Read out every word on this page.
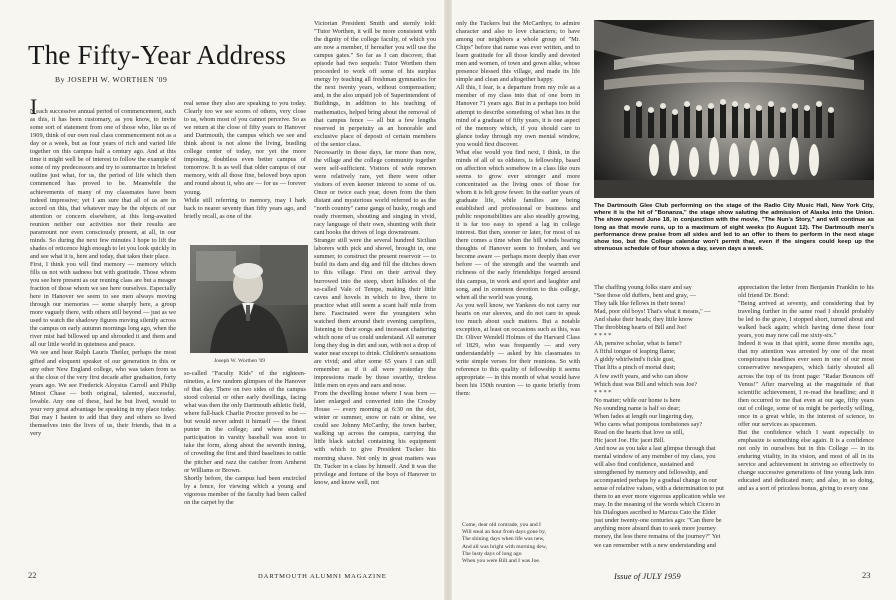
The Fifty-Year Address
By JOSEPH W. WORTHEN '09
I

N each successive annual period of commencement, such as this, it has been customary, as you know, to invite some sort of statement from one of those who, like us of 1909, think of our own real class commencement not as a day or a week, but as four years of rich and varied life together on this campus half a century ago. And at this time it might well be of interest to follow the example of some of my predecessors and try to summarize in briefest outline just what, for us, the period of life which then commenced has proved to be. Meanwhile the achievements of many of my classmates have been indeed impressive; yet I am sure that all of us are in accord on this, that whatever may be the objects of our attention or concern elsewhere, at this long-awaited reunion neither our activities nor their results are paramount nor even consciously present, at all, in our minds. So during the next few minutes I hope to lift the shades of reticence high enough to let you look quickly in and see what it is, here and today, that takes their place.
First, I think you will find memory — memory which fills us not with sadness but with gratitude. Those whom you see here present as our reuning class are but a meager fraction of those whom we see here ourselves. Especially here in Hanover we seem to see men always moving through our memories — some sharply here, a group more vaguely there, with others still beyond — just as we used to watch the shadowy figures moving silently across the campus on early autumn mornings long ago, when the river mist had billowed up and shrouded it and them and all our little world in quietness and peace.
We see and hear Ralph Lauris Theiler, perhaps the most gifted and eloquent speaker of our generation in this or any other New England college, who was taken from us at the close of the very first decade after graduation, forty years ago. We see Frederick Aloysius Carroll and Philip Minot Chase — both original, talented, successful, lovable. Any one of these, had he but lived, would to your very great advantage be speaking in my place today. But may I hasten to add that they and others so lived themselves into the lives of us, their friends, that in a very

real sense they also are speaking to you today. Clearly too we see scores of others, very close to us, whom most of you cannot perceive. So as we return at the close of fifty years to Hanover and Dartmouth, the campus which we see and think about is not alone the living, bustling college center of today, nor yet the more imposing, doubtless even better campus of tomorrow. It is as well that older campus of our memory, with all those fine, beloved boys upon and round about it, who are — for us — forever young.
While still referring to memory, may I hark back to nearer seventy than fifty years ago, and briefly recall, as one of the
Joseph W. Worthen '09
so-called "Faculty Kids" of the eighteen-nineties, a few random glimpses of the Hanover of that day. There on two sides of the campus stood colonial or other early dwellings, facing what was then the only Dartmouth athletic field, where full-back Charlie Proctor proved to be — but would never admit it himself — the finest punter in the college; and where student participation in varsity baseball was soon to take the form, along about the seventh inning, of crowding the first and third baselines to rattle the pitcher and razz the catcher from Amherst or Williams or Brown.
Shortly before, the campus had been encircled by a fence, for viewing which a young and vigorous member of the faculty had been called on the carpet by the
Victorian President Smith and sternly told: "Tutor Worthen, it will be more consistent with the dignity of the college faculty, of which you are now a member, if hereafter you will use the campus gates." So far as I can discover, that episode had two sequels: Tutor Worthen then proceeded to work off some of his surplus energy by teaching all freshman gymnastics for the next twenty years, without compensation; and, in the also unpaid job of Superintendent of Buildings, in addition to his teaching of mathematics, helped bring about the removal of that campus fence — all but a few lengths reserved in perpetuity as an honorable and exclusive place of deposit of certain members of the senior class.
Necessarily in those days, far more than now, the village and the college community together were self-sufficient. Visitors of wide renown were relatively rare, yet there were other visitors of even keener interest to some of us. Once or twice each year, down from the then distant and mysterious world referred to as the "north country" came gangs of husky, rough and ready rivermen, shouting and singing in vivid, racy language of their own, shunting with their cant hooks the drives of logs downstream.
Stranger still were the several hundred Sicilian laborers with pick and shovel, brought in, one summer, to construct the present reservoir — to build its dam and dig and fill the ditches down to this village. First on their arrival they burrowed into the steep, short hillsides of the so-called Vale of Tempe, making their little caves and hovels in which to live, there to practice what still seem a scant half mile from here. Fascinated were the youngsters who watched them around their evening campfires, listening to their songs and incessant chattering which none of us could understand. All summer long they dug in dirt and sun, with not a drop of water near except to drink. Children's sensations are vivid; and after some 65 years I can still remember as if it all were yesterday the impressions made by those swarthy, tireless little men on eyes and ears and nose.
From the dwelling house where I was born — later enlarged and converted into the Crosby House — every morning at 6:30 on the dot, winter or summer, snow or rain or shine, we could see Johnny McCarthy, the town barber, walking up across the campus, carrying the little black satchel containing his equipment with which to give President Tucker his morning shave. Not only in great matters was Dr. Tucker in a class by himself. And it was the privilege and fortune of the boys of Hanover to know, and know well, not
22	DARTMOUTH ALUMNI MAGAZINE
only the Tuckers but the McCarthys; to admire character and also to love characters; to have among our neighbors a whole group of "Mr. Chips" before that name was ever written, and to learn gratitude for all those kindly and devoted men and women, of town and gown alike, whose presence blessed this village, and made its life simple and clean and altogether happy.
All this, I fear, is a departure from my role as a member of my class into that of one born in Hanover 71 years ago. But in a perhaps too bold attempt to describe something of what lies in the mind of a graduate of fifty years, it is one aspect of the memory which, if you should care to glance today through my own mental window, you would first discover.
What else would you find next, I think, in the minds of all of us oldsters, is fellowship, based on affection which somehow in a class like ours seems to grow ever stronger and more concentrated as the living ones of those for whom it is felt grow fewer. In the earlier years of graduate life, while families are being established and professional or business and public responsibilities are also steadily growing, it is far too easy to spend a lag in college interest. But then, sooner or later, for most of us there comes a time when the hill winds bearing thoughts of Hanover seem to freshen, and we become aware — perhaps more deeply than ever before — of the strength and the warmth and richness of the early friendships forged around this campus, in work and sport and laughter and song, and in common devotion to this college, when all the world was young.
As you well know, we Yankees do not carry our hearts on our sleeves, and do not care to speak too much about such matters. But a notable exception, at least on occasions such as this, was Dr. Oliver Wendell Holmes of the Harvard Class of 1829, who was frequently — and very understandably — asked by his classmates to write simple verses for their reunions. So with reference to this quality of fellowship it seems appropriate — in this month of what would have been his 150th reunion — to quote briefly from them:
Come, dear old comrade, you and I
Will steal an hour from days gone by,
The shining days when life was new,
And all was bright with morning dew,
The lusty days of long ago
When you were Bill and I was Joe.
The Dartmouth Glee Club performing on the stage of the Radio City Music Hall, New York City, where it is the hit of "Bonanza," the stage show saluting the admission of Alaska into the Union. The show opened June 18, in conjunction with the movie, "The Nun's Story," and will continue as long as that movie runs, up to a maximum of eight weeks (to August 12). The Dartmouth men's performance drew praise from all sides and led to an offer to them to perform in the next stage show too, but the College calendar won't permit that, even if the singers could keep up the strenuous schedule of four shows a day, seven days a week.
The chaffing young folks stare and say
"See those old duffers, bent and gray, —
They talk like fellows in their teens!
Mad, poor old boys! That's what it means," —
And shake their heads; they little know
The throbbing hearts of Bill and Joe!
* * * *
Ah, pensive scholar, what is fame?
A fitful tongue of leaping flame;
A giddy whirlwind's fickle gust,
That lifts a pinch of mortal dust;
A few swift years, and who can show
Which dust was Bill and which was Joe?
* * * *
No matter; while our home is here
No sounding name is half so dear;
When fades at length our lingering day,
Who cares what pompous tombstones say?
Read on the hearts that love us still,
Hic jacet Joe. Hic jacet Bill.
And now as you take a last glimpse through that mental window of any member of my class, you will also find confidence, sustained and strengthened by memory and fellowship, and accompanied perhaps by a gradual change in our sense of relative values, with a determination to put them to an ever more vigorous application while we may. In the meaning of the words which Cicero in his Dialogues ascribed to Marcus Cato the Elder just under twenty-one centuries ago: "Can there be anything more absurd than to seek more journey money, the less there remains of the journey?" Yet we can remember with a new understanding and
appreciation the letter from Benjamin Franklin to his old friend Dr. Bond:
"Being arrived at seventy, and considering that by traveling further in the same road I should probably be led to the grave, I stopped short, turned about and walked back again; which having done these four years, you may now call me sixty-six."
Indeed it was in that spirit, some three months ago, that my attention was arrested by one of the most conspicuous headlines ever seen in one of our most conservative newspapers, which fairly shouted all across the top of its front page: "Radar Bounces off Venus!" After marveling at the magnitude of that scientific achievement, I re-read the headline; and it then occurred to me that even at our age, fifty years out of college, some of us might be perfectly willing, once in a great while, in the interest of science, to offer our services as spacemen.
But the confidence which I want especially to emphasize is something else again. It is a confidence not only in ourselves but in this College — in its enduring vitality, in its vision, and most of all in its service and achievement in striving so effectively to change successive generations of fine young lads into educated and dedicated men; and also, in so doing, and as a sort of priceless bonus, giving to every one
Issue of JULY 1959	23
